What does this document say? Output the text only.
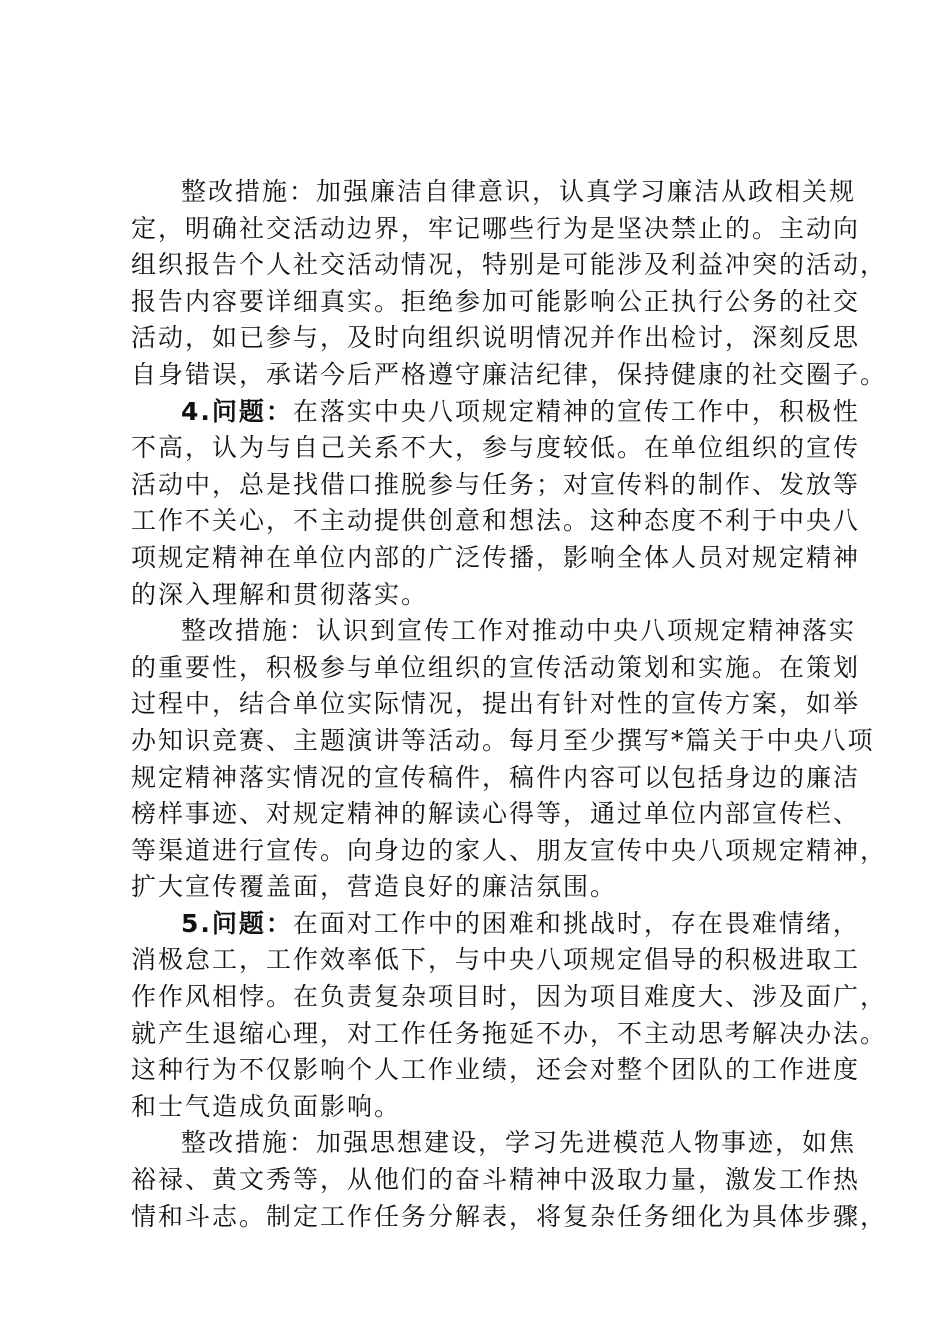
整改措施：加强廉洁自律意识，认真学习廉洁从政相关规
定，明确社交活动边界，牢记哪些行为是坚决禁止的。主动向
组织报告个人社交活动情况，特别是可能涉及利益冲突的活动，
报告内容要详细真实。拒绝参加可能影响公正执行公务的社交
活动，如已参与，及时向组织说明情况并作出检讨，深刻反思
自身错误，承诺今后严格遵守廉洁纪律，保持健康的社交圈子。
4.问题：在落实中央八项规定精神的宣传工作中，积极性
不高，认为与自己关系不大，参与度较低。在单位组织的宣传
活动中，总是找借口推脱参与任务；对宣传料的制作、发放等
工作不关心，不主动提供创意和想法。这种态度不利于中央八
项规定精神在单位内部的广泛传播，影响全体人员对规定精神
的深入理解和贯彻落实。
整改措施：认识到宣传工作对推动中央八项规定精神落实
的重要性，积极参与单位组织的宣传活动策划和实施。在策划
过程中，结合单位实际情况，提出有针对性的宣传方案，如举
办知识竞赛、主题演讲等活动。每月至少撰写*篇关于中央八项
规定精神落实情况的宣传稿件，稿件内容可以包括身边的廉洁
榜样事迹、对规定精神的解读心得等，通过单位内部宣传栏、
等渠道进行宣传。向身边的家人、朋友宣传中央八项规定精神，
扩大宣传覆盖面，营造良好的廉洁氛围。
5.问题：在面对工作中的困难和挑战时，存在畏难情绪，
消极怠工，工作效率低下，与中央八项规定倡导的积极进取工
作作风相悖。在负责复杂项目时，因为项目难度大、涉及面广，
就产生退缩心理，对工作任务拖延不办，不主动思考解决办法。
这种行为不仅影响个人工作业绩，还会对整个团队的工作进度
和士气造成负面影响。
整改措施：加强思想建设，学习先进模范人物事迹，如焦
裕禄、黄文秀等，从他们的奋斗精神中汲取力量，激发工作热
情和斗志。制定工作任务分解表，将复杂任务细化为具体步骤，
